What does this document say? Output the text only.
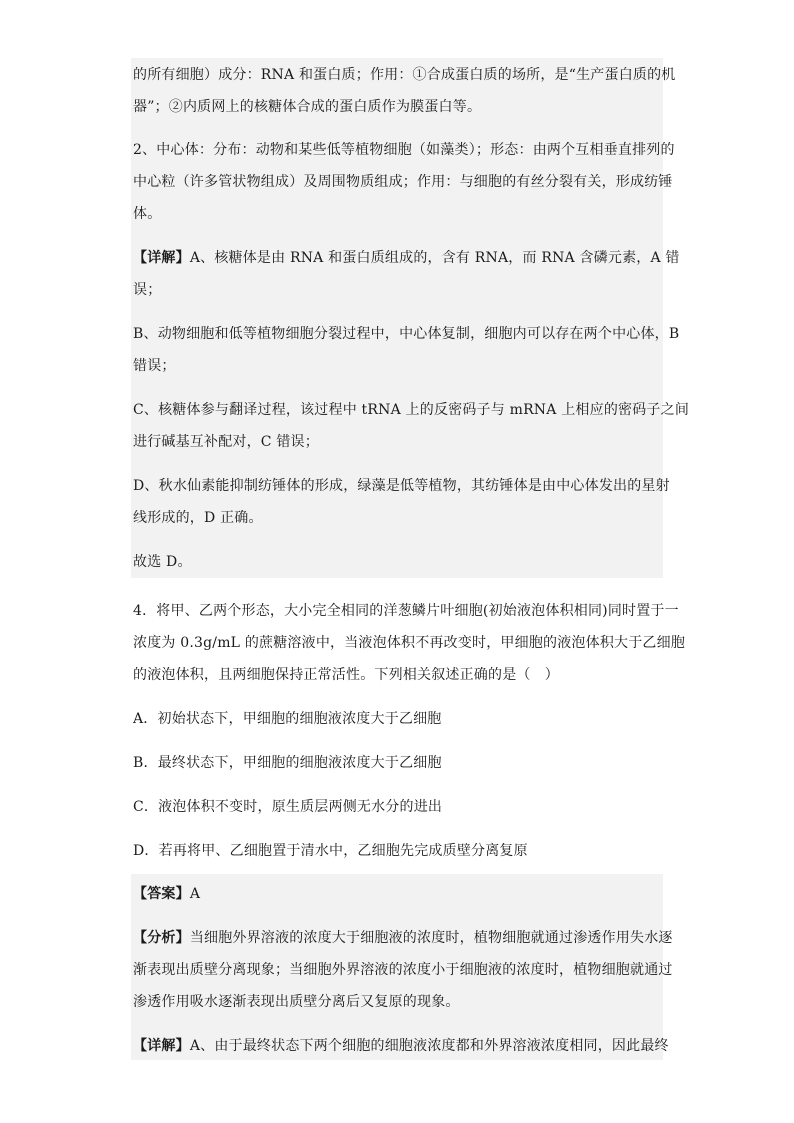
的所有细胞）成分：RNA 和蛋白质；作用：①合成蛋白质的场所，是“生产蛋白质的机
器”；②内质网上的核糖体合成的蛋白质作为膜蛋白等。
2、中心体：分布：动物和某些低等植物细胞（如藻类）；形态：由两个互相垂直排列的
中心粒（许多管状物组成）及周围物质组成；作用：与细胞的有丝分裂有关，形成纺锤
体。
【详解】A、核糖体是由 RNA 和蛋白质组成的，含有 RNA，而 RNA 含磷元素，A 错
误；
B、动物细胞和低等植物细胞分裂过程中，中心体复制，细胞内可以存在两个中心体，B
错误；
C、核糖体参与翻译过程，该过程中 tRNA 上的反密码子与 mRNA 上相应的密码子之间
进行碱基互补配对，C 错误；
D、秋水仙素能抑制纺锤体的形成，绿藻是低等植物，其纺锤体是由中心体发出的星射
线形成的，D 正确。
故选 D。
4．将甲、乙两个形态，大小完全相同的洋葱鳞片叶细胞(初始液泡体积相同)同时置于一
浓度为 0.3g/mL 的蔗糖溶液中，当液泡体积不再改变时，甲细胞的液泡体积大于乙细胞
的液泡体积，且两细胞保持正常活性。下列相关叙述正确的是（　）
A．初始状态下，甲细胞的细胞液浓度大于乙细胞
B．最终状态下，甲细胞的细胞液浓度大于乙细胞
C．液泡体积不变时，原生质层两侧无水分的进出
D．若再将甲、乙细胞置于清水中，乙细胞先完成质壁分离复原
【答案】A
【分析】当细胞外界溶液的浓度大于细胞液的浓度时，植物细胞就通过渗透作用失水逐
渐表现出质壁分离现象；当细胞外界溶液的浓度小于细胞液的浓度时，植物细胞就通过
渗透作用吸水逐渐表现出质壁分离后又复原的现象。
【详解】A、由于最终状态下两个细胞的细胞液浓度都和外界溶液浓度相同，因此最终
